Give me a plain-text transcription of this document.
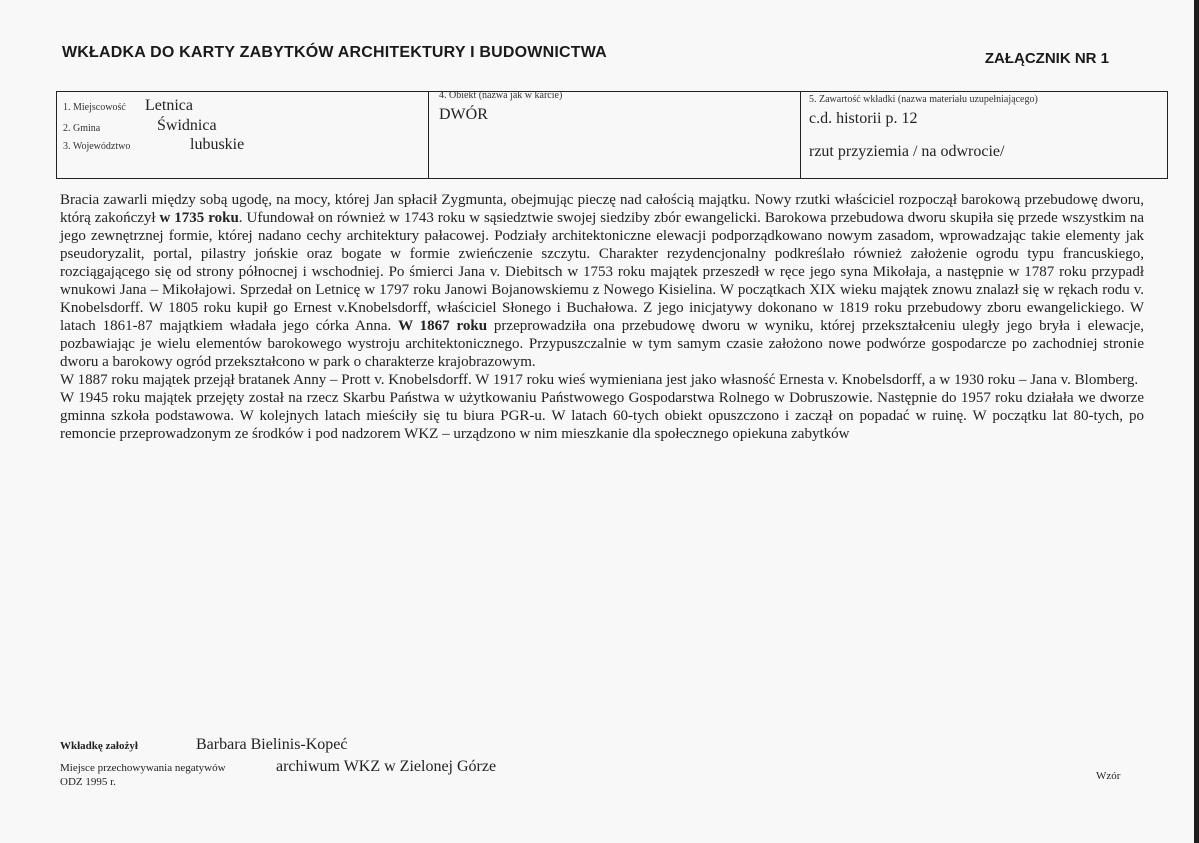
WKŁADKA DO KARTY ZABYTKÓW ARCHITEKTURY I BUDOWNICTWA	ZAŁĄCZNIK NR 1
1. Miejscowość Letnica
2. Gmina	Świdnica
3. Województwo	lubuskie
4. Obiekt (nazwa jak w karcie)
DWÓR
5. Zawartość wkładki (nazwa materiału uzupełniającego)
c.d. historii p. 12
rzut przyziemia / na odwrocie/

Bracia zawarli między sobą ugodę, na mocy, której Jan spłacił Zygmunta, obejmując pieczę nad całością majątku. Nowy rzutki właściciel rozpoczął barokową przebudowę dworu, którą zakończył w 1735 roku. Ufundował on również w 1743 roku w sąsiedztwie swojej siedziby zbór ewangelicki. Barokowa przebudowa dworu skupiła się przede wszystkim na jego zewnętrznej formie, której nadano cechy architektury pałacowej. Podziały architektoniczne elewacji podporządkowano nowym zasadom, wprowadzając takie elementy jak pseudoryzalit, portal, pilastry jońskie oraz bogate w formie zwieńczenie szczytu. Charakter rezydencjonalny podkreślało również założenie ogrodu typu francuskiego, rozciągającego się od strony północnej i wschodniej. Po śmierci Jana v. Diebitsch w 1753 roku majątek przeszedł w ręce jego syna Mikołaja, a następnie w 1787 roku przypadł wnukowi Jana – Mikołajowi. Sprzedał on Letnicę w 1797 roku Janowi Bojanowskiemu z Nowego Kisielina. W początkach XIX wieku majątek znowu znalazł się w rękach rodu v. Knobelsdorff. W 1805 roku kupił go Ernest v.Knobelsdorff, właściciel Słonego i Buchałowa. Z jego inicjatywy dokonano w 1819 roku przebudowy zboru ewangelickiego. W latach 1861-87 majątkiem władała jego córka Anna. W 1867 roku przeprowadziła ona przebudowę dworu w wyniku, której przekształceniu uległy jego bryła i elewacje, pozbawiając je wielu elementów barokowego wystroju architektonicznego. Przypuszczalnie w tym samym czasie założono nowe podwórze gospodarcze po zachodniej stronie dworu a barokowy ogród przekształcono w park o charakterze krajobrazowym.

W 1887 roku majątek przejął bratanek Anny – Prott v. Knobelsdorff. W 1917 roku wieś wymieniana jest jako własność Ernesta v. Knobelsdorff, a w 1930 roku – Jana v. Blomberg.

W 1945 roku majątek przejęty został na rzecz Skarbu Państwa w użytkowaniu Państwowego Gospodarstwa Rolnego w Dobruszowie. Następnie do 1957 roku działała we dworze gminna szkoła podstawowa. W kolejnych latach mieściły się tu biura PGR-u. W latach 60-tych obiekt opuszczono i zaczął on popadać w ruinę. W początku lat 80-tych, po remoncie przeprowadzonym ze środków i pod nadzorem WKZ – urządzono w nim mieszkanie dla społecznego opiekuna zabytków

Wkładkę założył	Barbara Bielinis-Kopeć
Miejsce przechowywania negatywów	archiwum WKZ w Zielonej Górze
ODZ 1995 r.	Wzór
